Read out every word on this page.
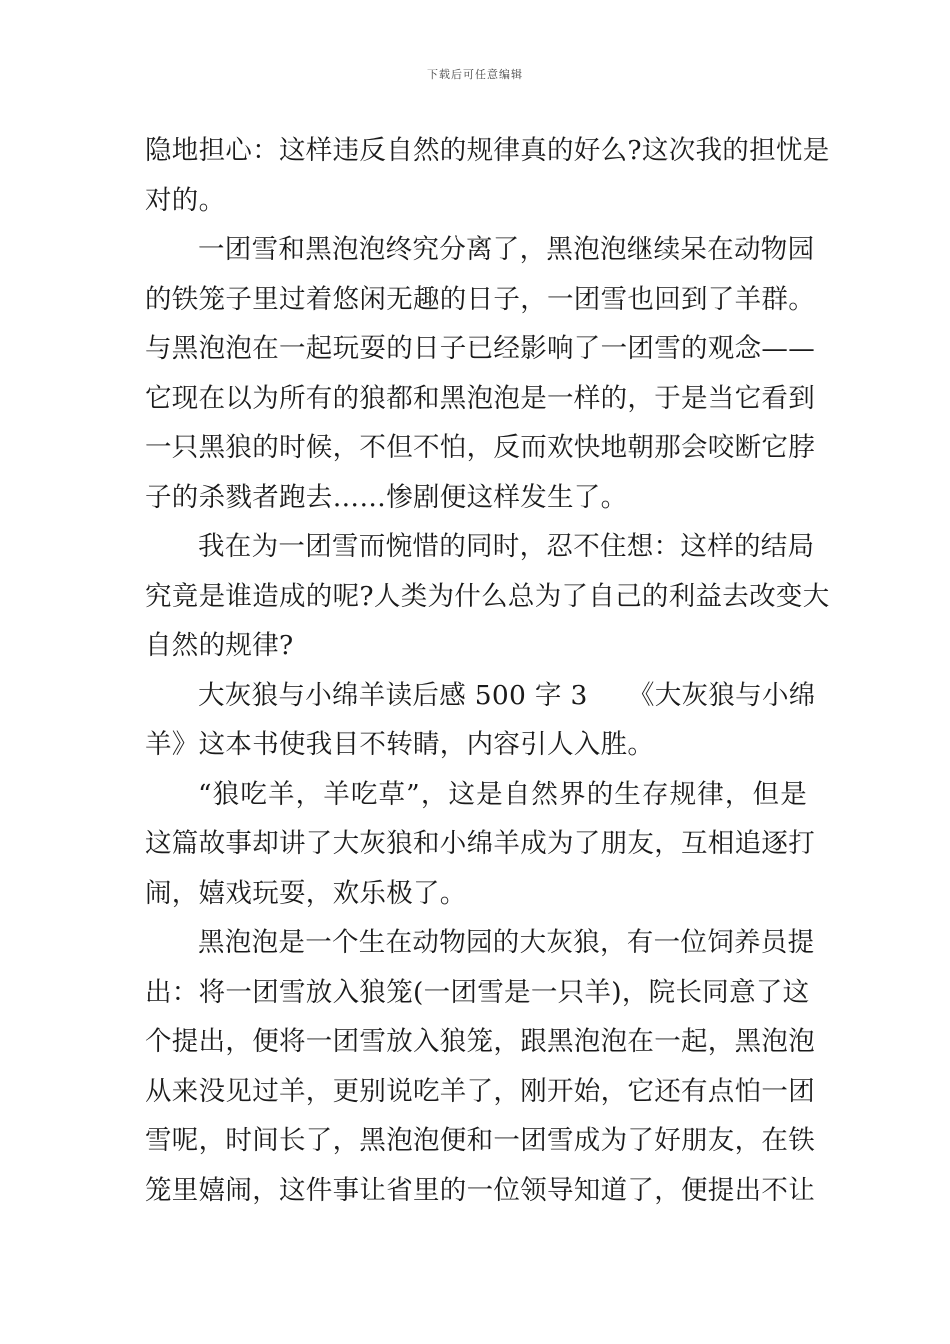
下载后可任意编辑
隐地担心：这样违反自然的规律真的好么?这次我的担忧是
对的。
一团雪和黑泡泡终究分离了，黑泡泡继续呆在动物园
的铁笼子里过着悠闲无趣的日子，一团雪也回到了羊群。
与黑泡泡在一起玩耍的日子已经影响了一团雪的观念——
它现在以为所有的狼都和黑泡泡是一样的，于是当它看到
一只黑狼的时候，不但不怕，反而欢快地朝那会咬断它脖
子的杀戮者跑去……惨剧便这样发生了。
我在为一团雪而惋惜的同时，忍不住想：这样的结局
究竟是谁造成的呢?人类为什么总为了自己的利益去改变大
自然的规律?
大灰狼与小绵羊读后感 500 字 3　　《大灰狼与小绵
羊》这本书使我目不转睛，内容引人入胜。
“狼吃羊，羊吃草”，这是自然界的生存规律，但是
这篇故事却讲了大灰狼和小绵羊成为了朋友，互相追逐打
闹，嬉戏玩耍，欢乐极了。
黑泡泡是一个生在动物园的大灰狼，有一位饲养员提
出：将一团雪放入狼笼(一团雪是一只羊)，院长同意了这
个提出，便将一团雪放入狼笼，跟黑泡泡在一起，黑泡泡
从来没见过羊，更别说吃羊了，刚开始，它还有点怕一团
雪呢，时间长了，黑泡泡便和一团雪成为了好朋友，在铁
笼里嬉闹，这件事让省里的一位领导知道了，便提出不让
